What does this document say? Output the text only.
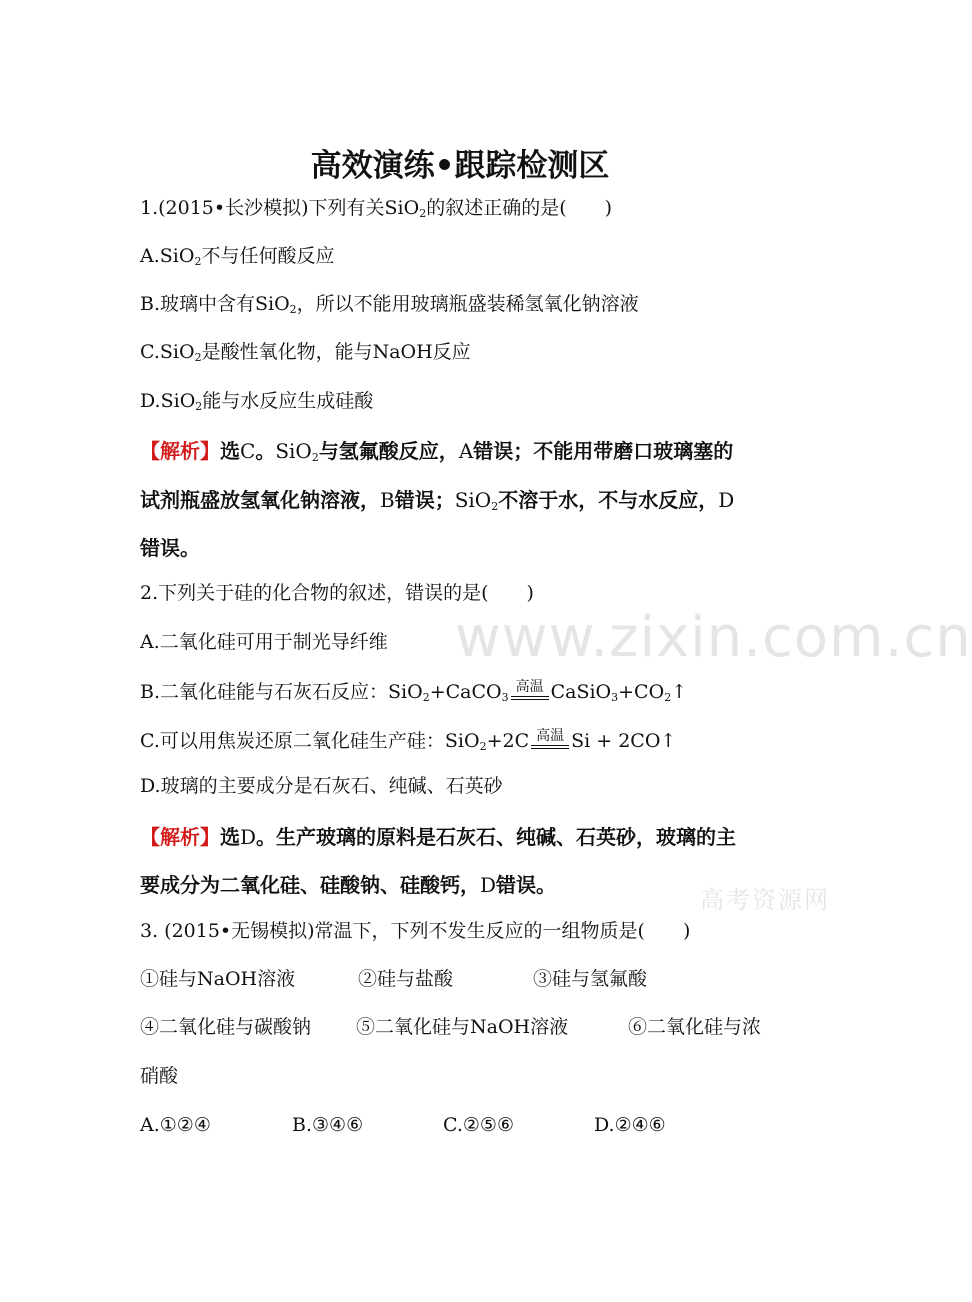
高效演练•跟踪检测区
1.(2015•长沙模拟)下列有关SiO$_2$的叙述正确的是(　　)
A.SiO$_2$不与任何酸反应
B.玻璃中含有SiO$_2$，所以不能用玻璃瓶盛装稀氢氧化钠溶液
C.SiO$_2$是酸性氧化物，能与NaOH反应
D.SiO$_2$能与水反应生成硅酸
【解析】选C。SiO$_2$与氢氟酸反应，A错误；不能用带磨口玻璃塞的
试剂瓶盛放氢氧化钠溶液，B错误；SiO$_2$不溶于水，不与水反应，D
错误。
2.下列关于硅的化合物的叙述，错误的是(　　)
A.二氧化硅可用于制光导纤维
B.二氧化硅能与石灰石反应：SiO$_2$+CaCO$_3$
高温 $CaSiO_3+CO_2↑$
C.可以用焦炭还原二氧化硅生产硅：SiO$_2$+2C 高温 Si + 2CO↑
D.玻璃的主要成分是石灰石、纯碱、石英砂
【解析】选D。生产玻璃的原料是石灰石、纯碱、石英砂，玻璃的主
要成分为二氧化硅、硅酸钠、硅酸钙，D错误。
3. (2015•无锡模拟)常温下，下列不发生反应的一组物质是(　　)
①硅与NaOH溶液	②硅与盐酸	③硅与氢氟酸
④二氧化硅与碳酸钠 ⑤二氧化硅与NaOH溶液	⑥二氧化硅与浓
硝酸
A.①②④	B.③④⑥	C.②⑤⑥	D.②④⑥
www.zixin.com.cn
高考资源网
